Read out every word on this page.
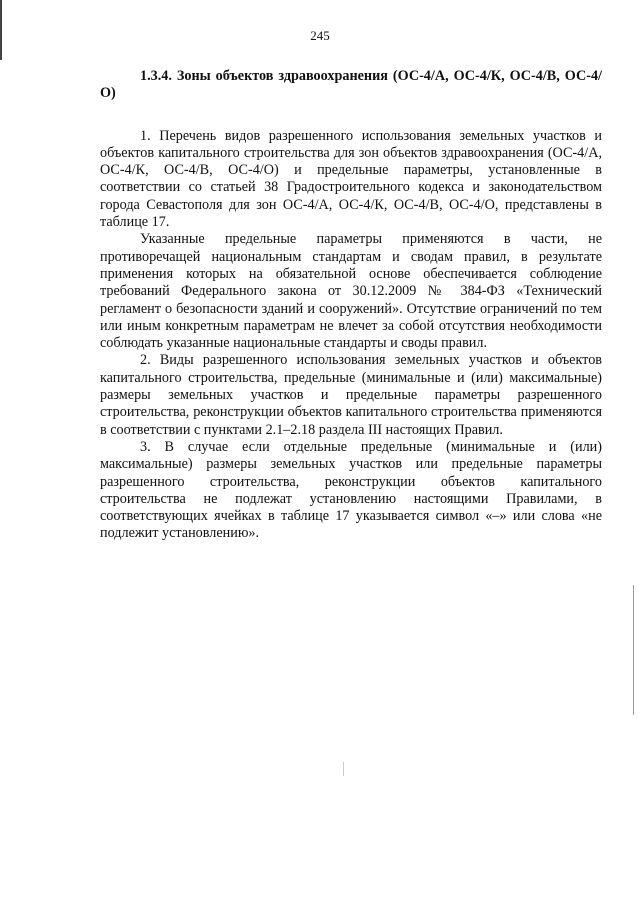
245
1.3.4. Зоны объектов здравоохранения (ОС-4/А, ОС-4/К, ОС-4/В, ОС-4/О)

1. Перечень видов разрешенного использования земельных участков и объектов капитального строительства для зон объектов здравоохранения (ОС-4/А, ОС-4/К, ОС-4/В, ОС-4/О) и предельные параметры, установленные в соответствии со статьей 38 Градостроительного кодекса и законодательством города Севастополя для зон ОС-4/А, ОС-4/К, ОС-4/В, ОС-4/О, представлены в таблице 17.

Указанные предельные параметры применяются в части, не противоречащей национальным стандартам и сводам правил, в результате применения которых на обязательной основе обеспечивается соблюдение требований Федерального закона от 30.12.2009 № 384-ФЗ «Технический регламент о безопасности зданий и сооружений». Отсутствие ограничений по тем или иным конкретным параметрам не влечет за собой отсутствия необходимости соблюдать указанные национальные стандарты и своды правил.

2. Виды разрешенного использования земельных участков и объектов капитального строительства, предельные (минимальные и (или) максимальные) размеры земельных участков и предельные параметры разрешенного строительства, реконструкции объектов капитального строительства применяются в соответствии с пунктами 2.1–2.18 раздела III настоящих Правил.

3. В случае если отдельные предельные (минимальные и (или) максимальные) размеры земельных участков или предельные параметры разрешенного строительства, реконструкции объектов капитального строительства не подлежат установлению настоящими Правилами, в соответствующих ячейках в таблице 17 указывается символ «–» или слова «не подлежит установлению».
